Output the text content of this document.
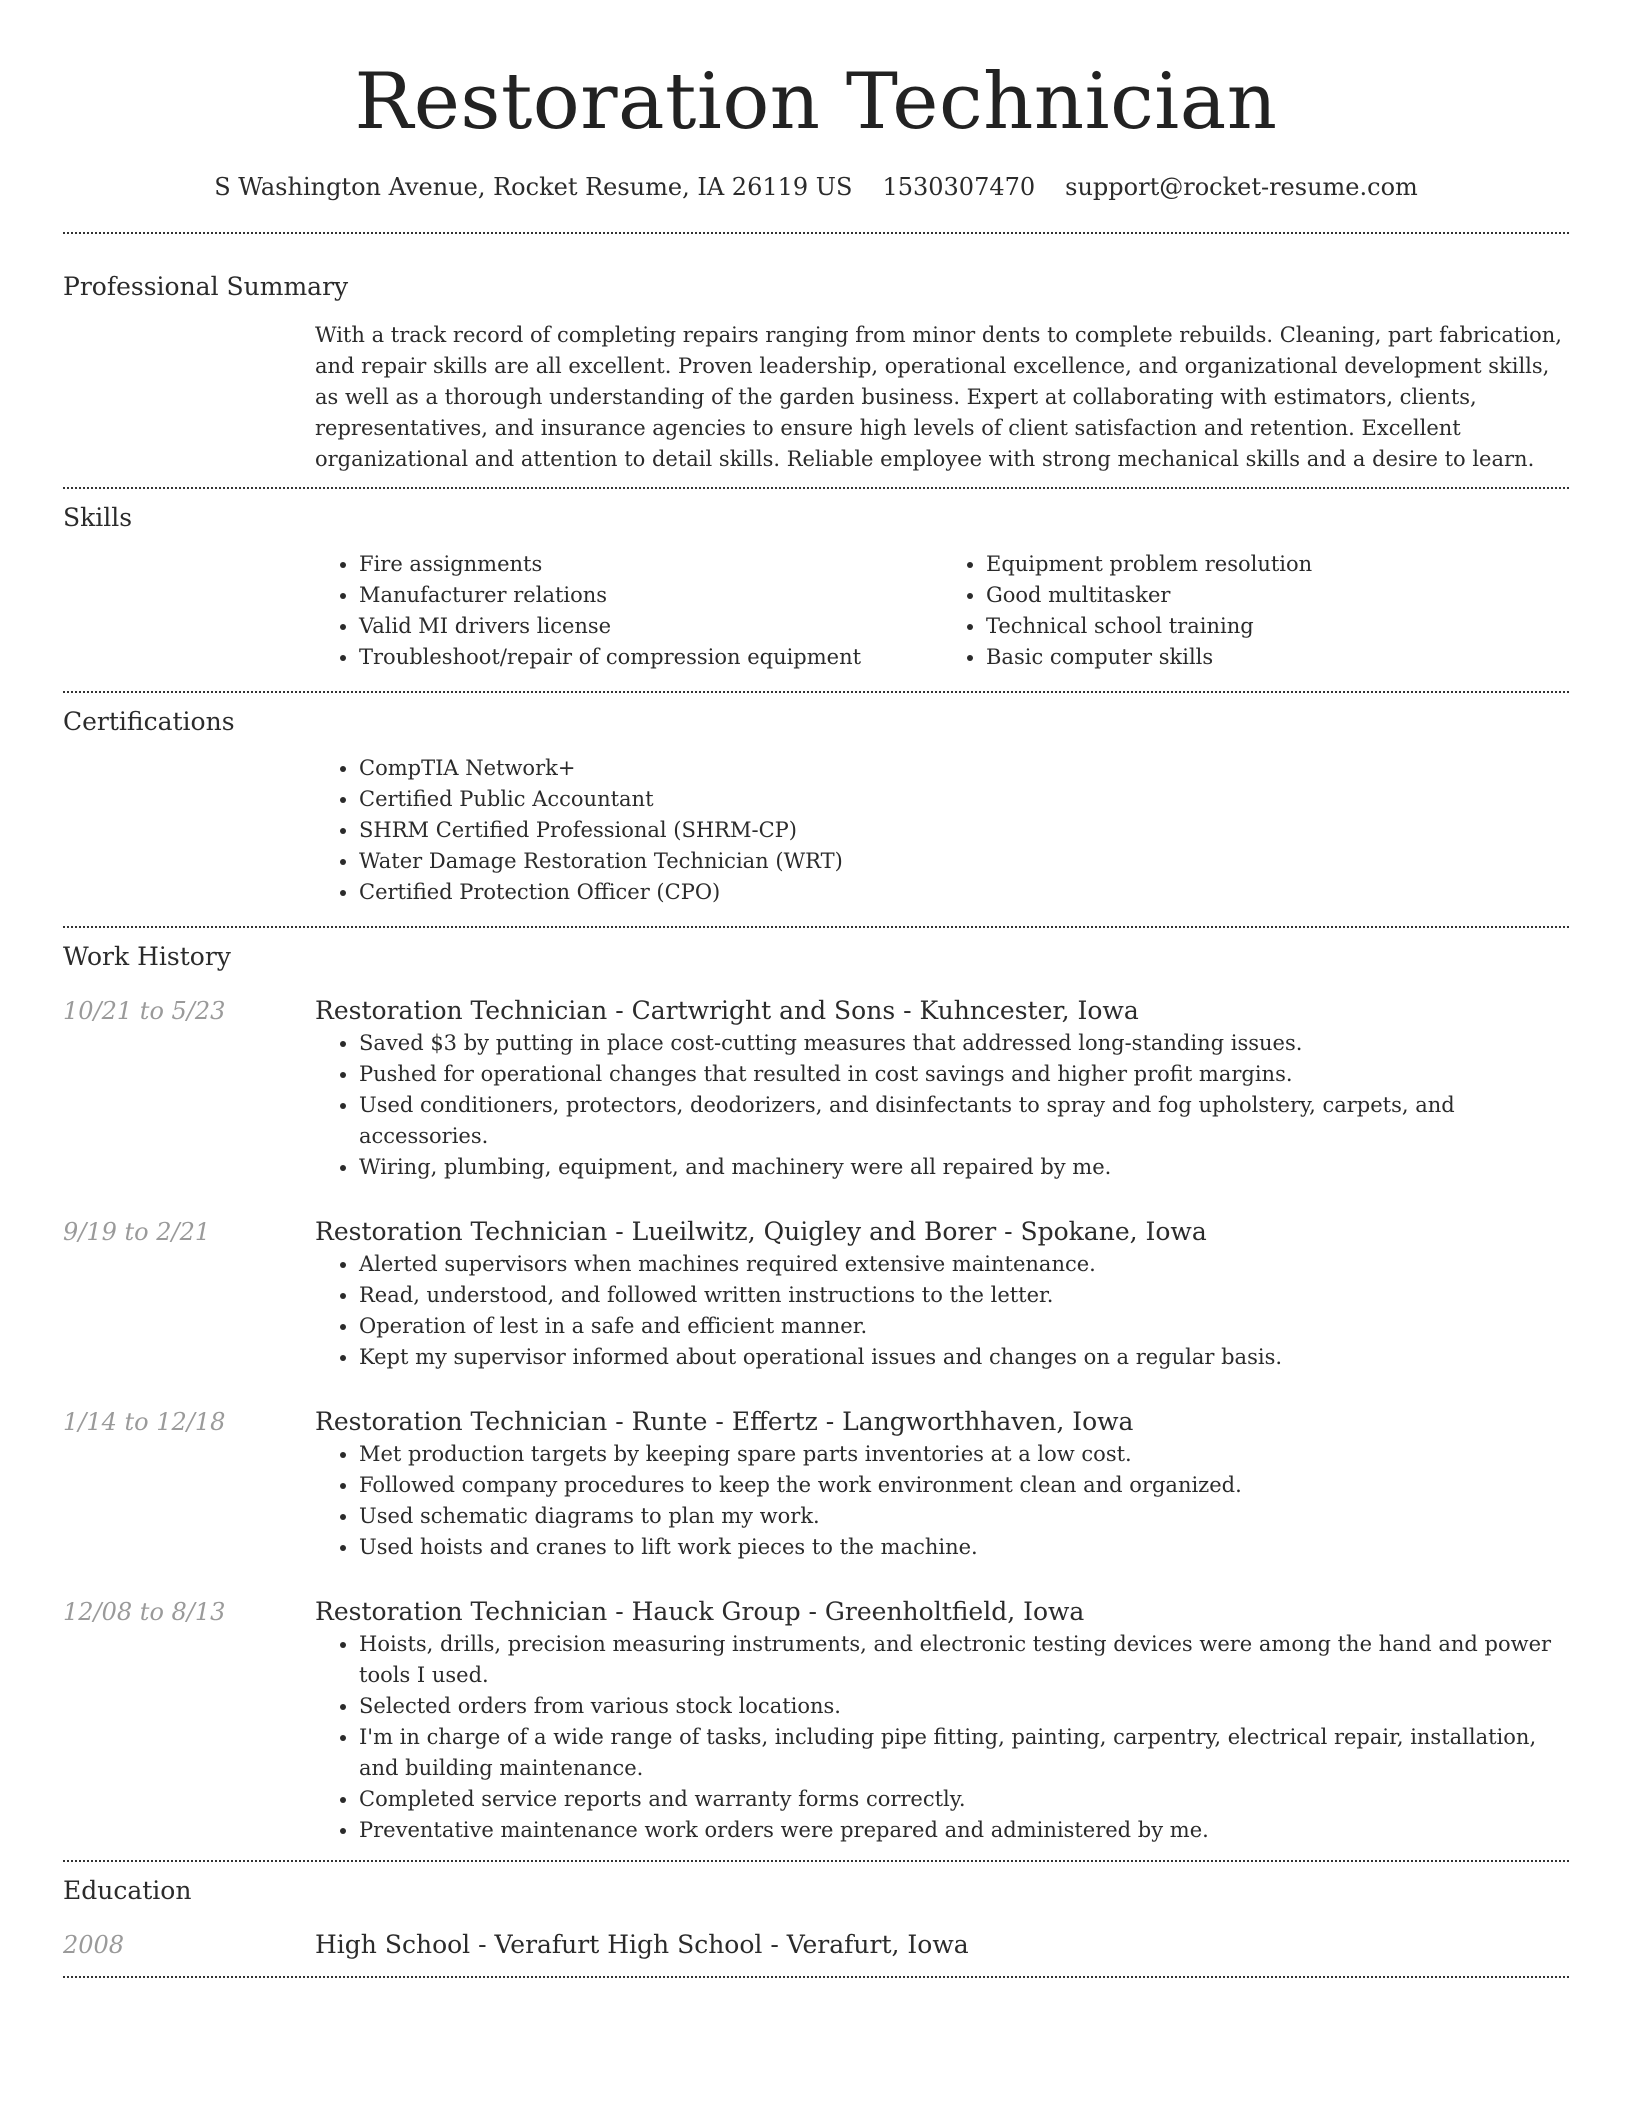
Restoration Technician
S Washington Avenue, Rocket Resume, IA 26119 US 1530307470 support@rocket-resume.com
Professional Summary
With a track record of completing repairs ranging from minor dents to complete rebuilds. Cleaning, part fabrication, and repair skills are all excellent. Proven leadership, operational excellence, and organizational development skills, as well as a thorough understanding of the garden business. Expert at collaborating with estimators, clients, representatives, and insurance agencies to ensure high levels of client satisfaction and retention. Excellent organizational and attention to detail skills. Reliable employee with strong mechanical skills and a desire to learn.
Skills
• Fire assignments
• Manufacturer relations
• Valid MI drivers license
• Troubleshoot/repair of compression equipment
• Equipment problem resolution
• Good multitasker
• Technical school training
• Basic computer skills
Certifications
• CompTIA Network+
• Certified Public Accountant
• SHRM Certified Professional (SHRM-CP)
• Water Damage Restoration Technician (WRT)
• Certified Protection Officer (CPO)
Work History
10/21 to 5/23	Restoration Technician - Cartwright and Sons - Kuhncester, Iowa
• Saved $3 by putting in place cost-cutting measures that addressed long-standing issues.
• Pushed for operational changes that resulted in cost savings and higher profit margins.
• Used conditioners, protectors, deodorizers, and disinfectants to spray and fog upholstery, carpets, and accessories.
• Wiring, plumbing, equipment, and machinery were all repaired by me.
9/19 to 2/21	Restoration Technician - Lueilwitz, Quigley and Borer - Spokane, Iowa
• Alerted supervisors when machines required extensive maintenance.
• Read, understood, and followed written instructions to the letter.
• Operation of lest in a safe and efficient manner.
• Kept my supervisor informed about operational issues and changes on a regular basis.
1/14 to 12/18	Restoration Technician - Runte - Effertz - Langworthhaven, Iowa
• Met production targets by keeping spare parts inventories at a low cost.
• Followed company procedures to keep the work environment clean and organized.
• Used schematic diagrams to plan my work.
• Used hoists and cranes to lift work pieces to the machine.
12/08 to 8/13	Restoration Technician - Hauck Group - Greenholtfield, Iowa
• Hoists, drills, precision measuring instruments, and electronic testing devices were among the hand and power tools I used.
• Selected orders from various stock locations.
• I'm in charge of a wide range of tasks, including pipe fitting, painting, carpentry, electrical repair, installation, and building maintenance.
• Completed service reports and warranty forms correctly.
• Preventative maintenance work orders were prepared and administered by me.
Education
2008	High School - Verafurt High School - Verafurt, Iowa
